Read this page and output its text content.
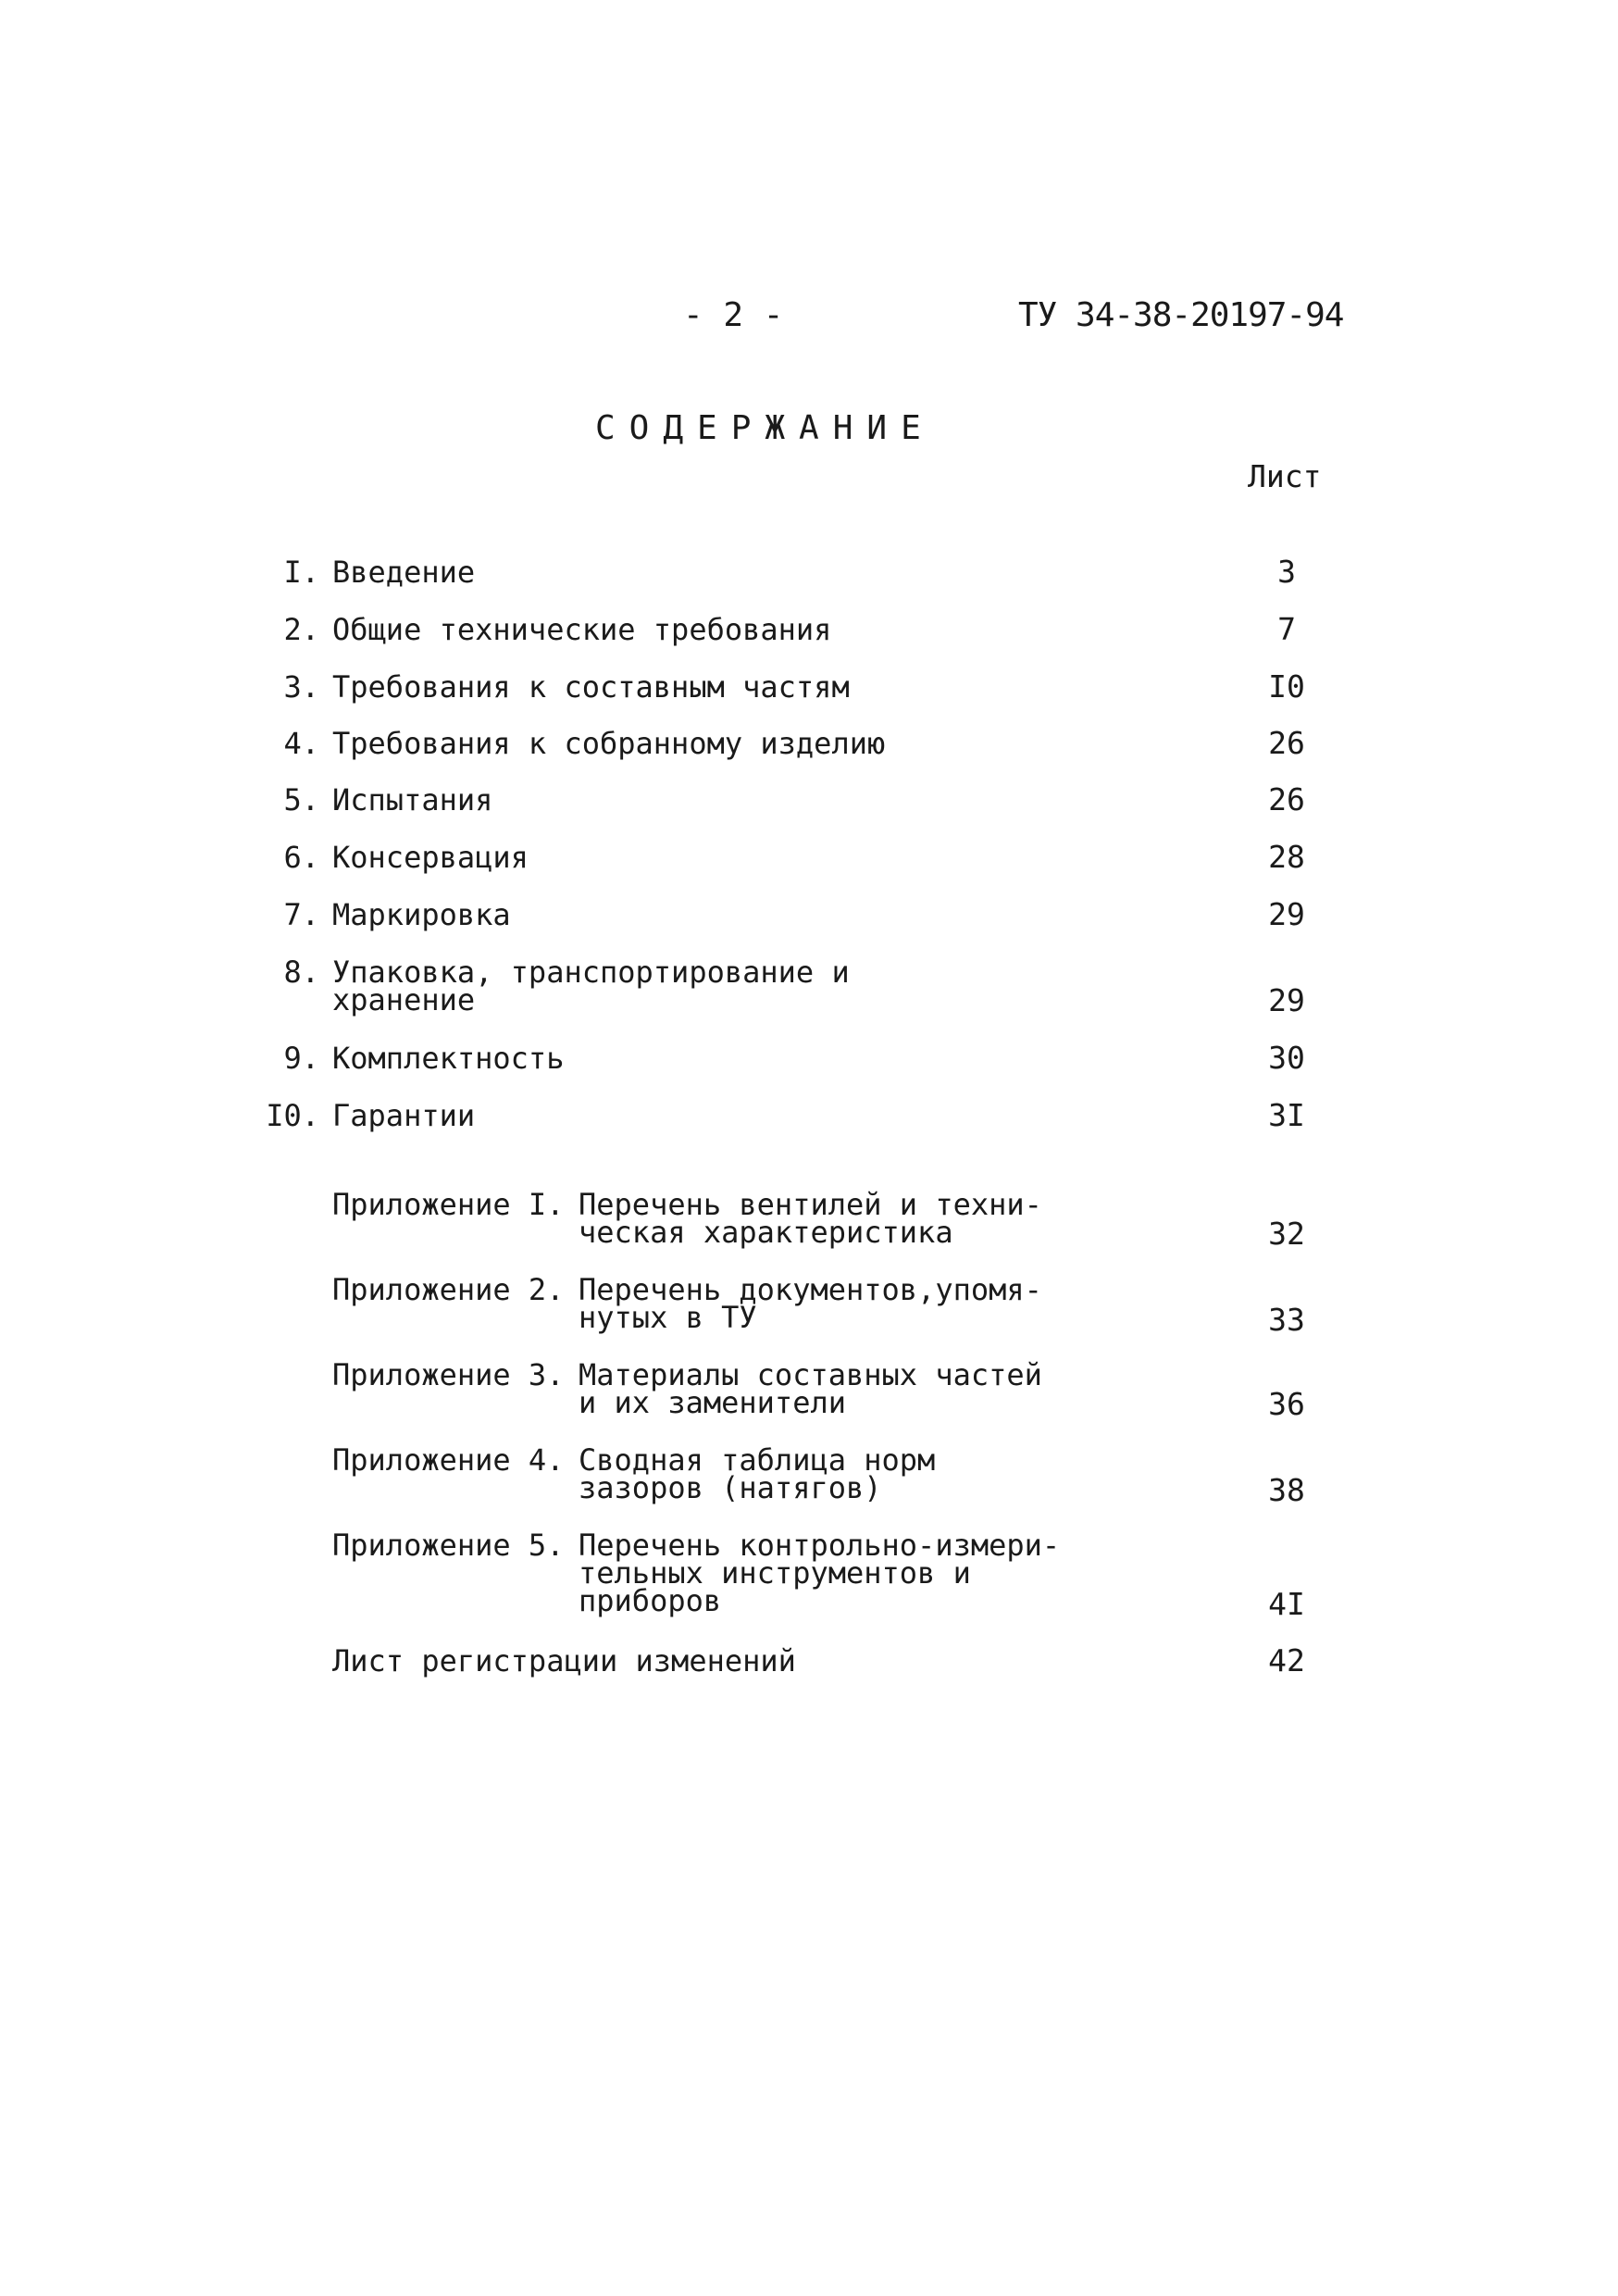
- 2 -	ТУ 34-38-20197-94
СОДЕРЖАНИЕ
Лист
I. Введение	3
2. Общие технические требования	7
3. Требования к составным частям	I0
4. Требования к собранному изделию	26
5. Испытания	26
6. Консервация	28
7. Маркировка	29
8. Упаковка, транспортирование и
хранение	29
9. Комплектность	30
I0. Гарантии	3I
Приложение I. Перечень вентилей и техни-
ческая характеристика	32
Приложение 2. Перечень документов,упомя-
нутых в ТУ	33
Приложение 3. Материалы составных частей
и их заменители	36
Приложение 4. Сводная таблица норм
зазоров (натягов)	38
Приложение 5. Перечень контрольно-измери-
тельных инструментов и
приборов	4I
Лист регистрации изменений	42
